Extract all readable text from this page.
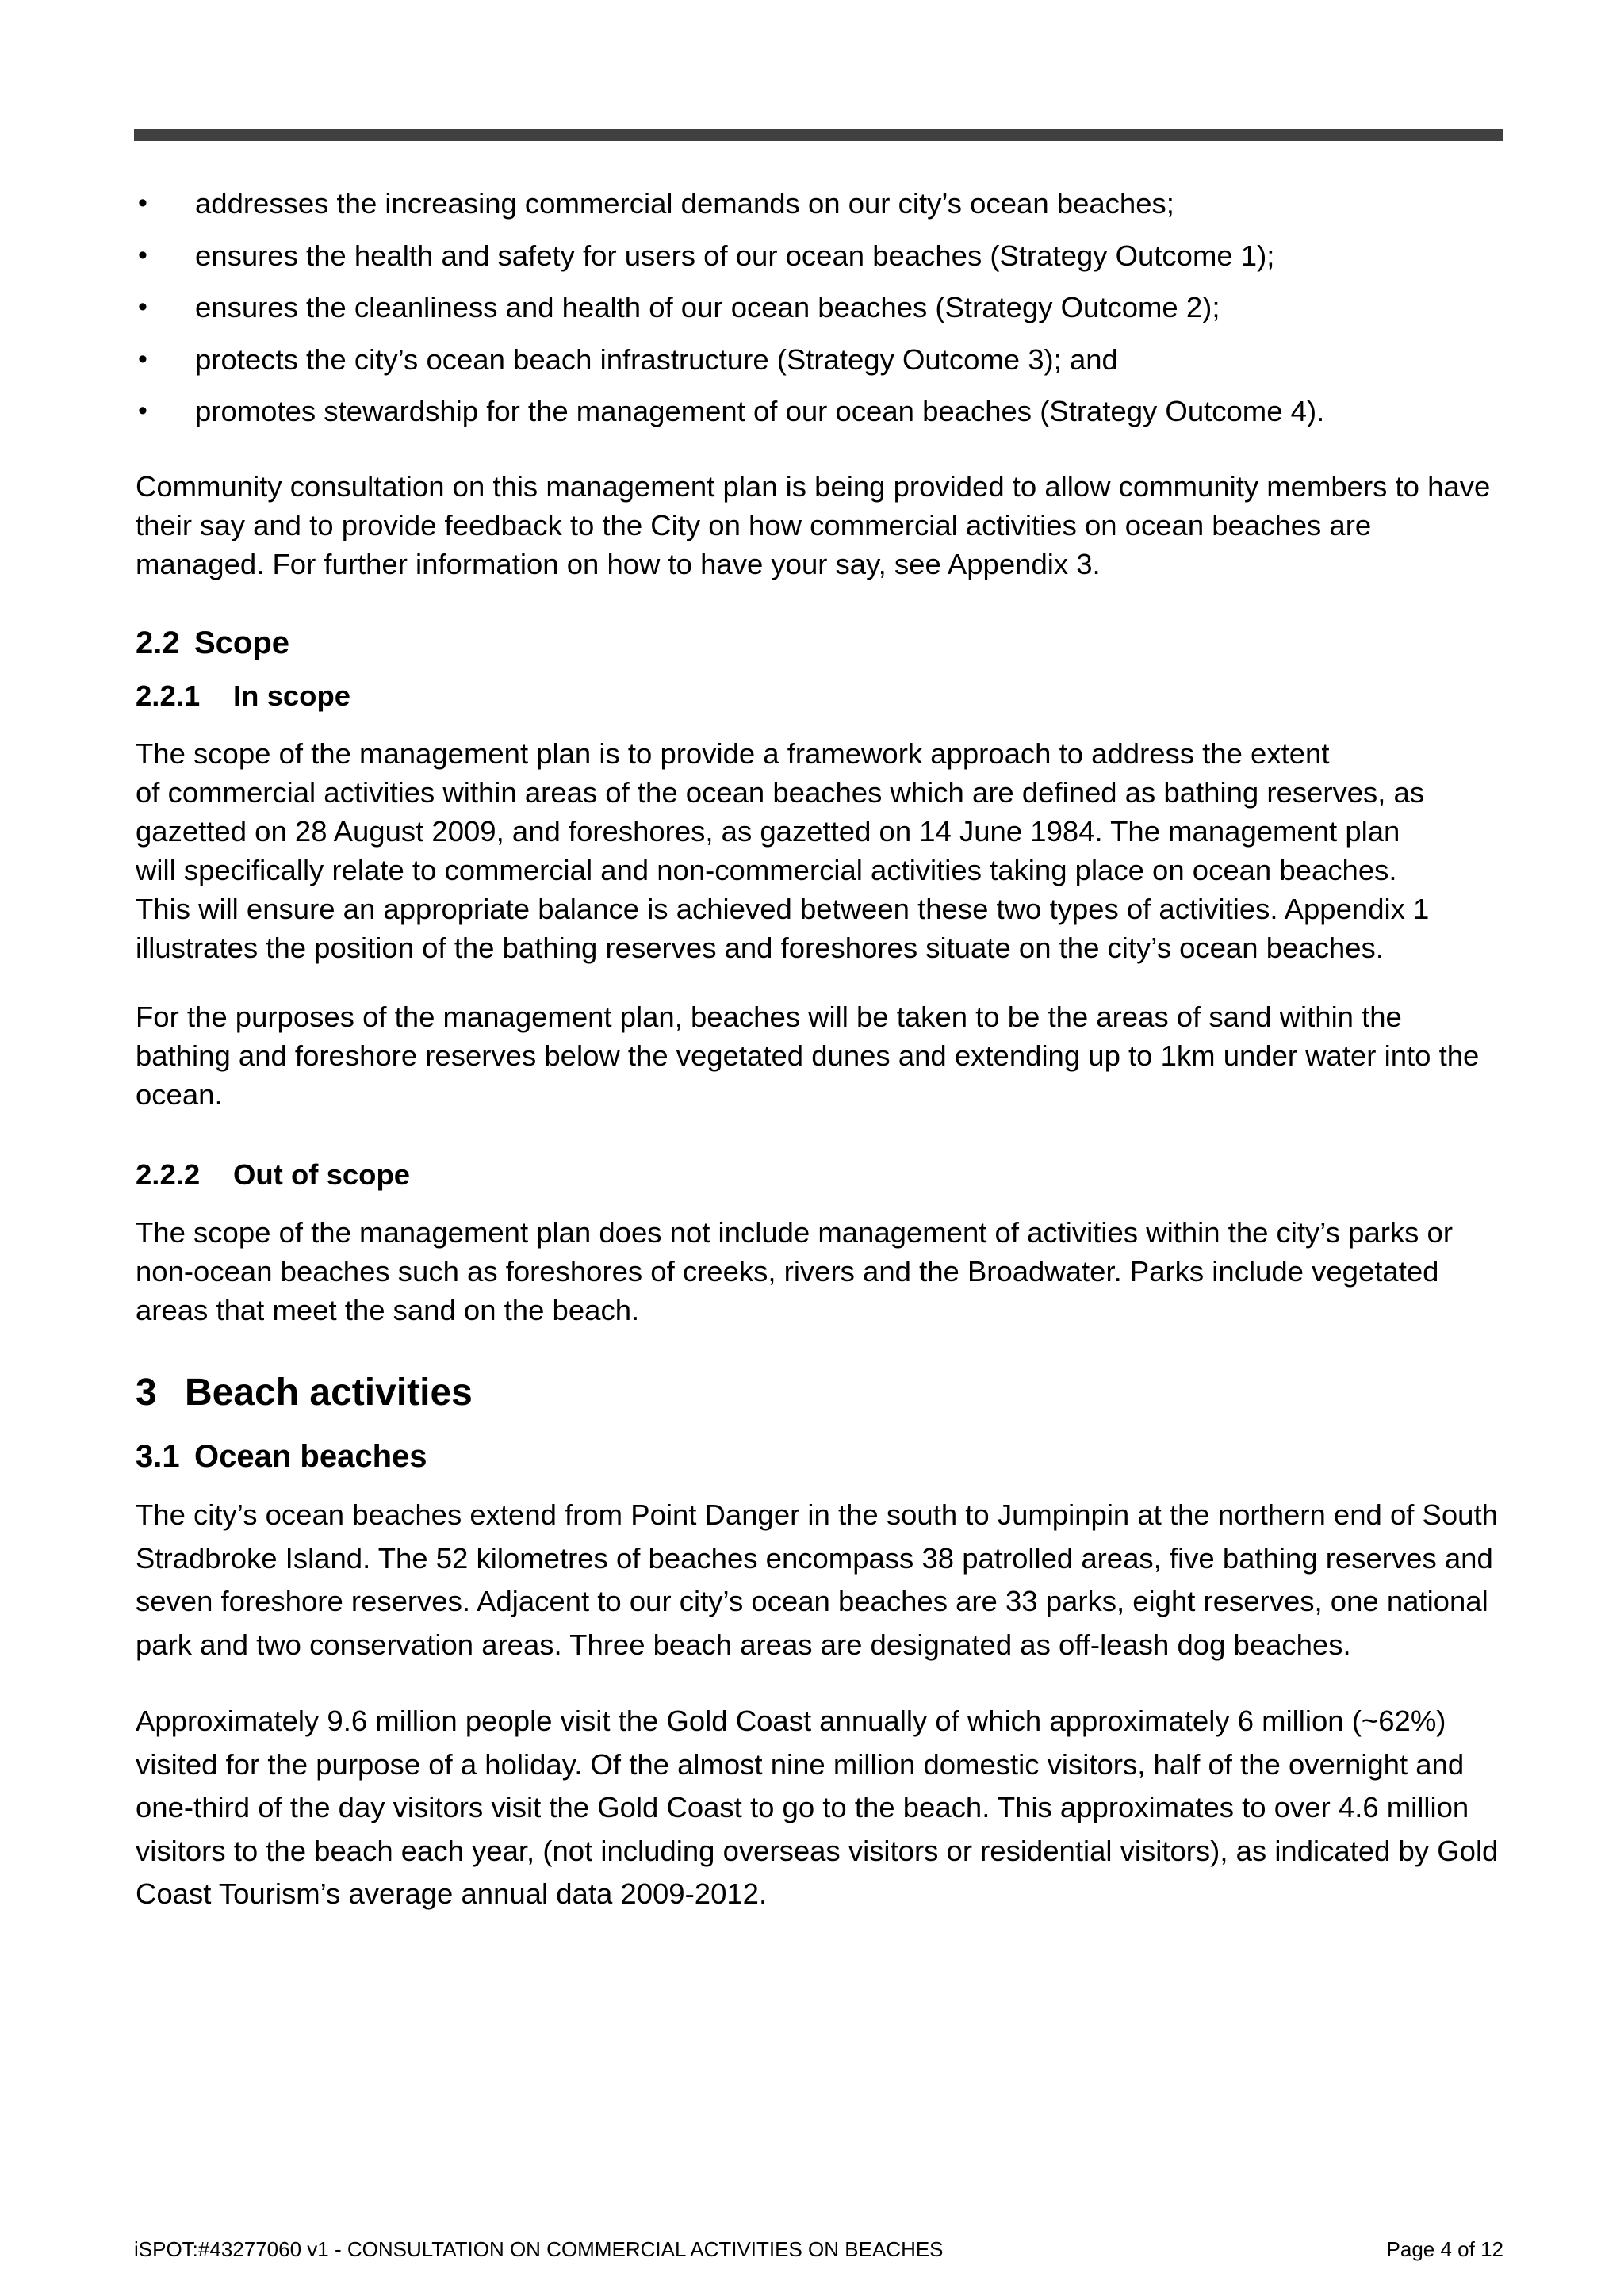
• addresses the increasing commercial demands on our city’s ocean beaches;
• ensures the health and safety for users of our ocean beaches (Strategy Outcome 1);
• ensures the cleanliness and health of our ocean beaches (Strategy Outcome 2);
• protects the city’s ocean beach infrastructure (Strategy Outcome 3); and
• promotes stewardship for the management of our ocean beaches (Strategy Outcome 4).

Community consultation on this management plan is being provided to allow community members to have their say and to provide feedback to the City on how commercial activities on ocean beaches are managed. For further information on how to have your say, see Appendix 3.

2.2 Scope
2.2.1 In scope

The scope of the management plan is to provide a framework approach to address the extent
of commercial activities within areas of the ocean beaches which are defined as bathing reserves, as
gazetted on 28 August 2009, and foreshores, as gazetted on 14 June 1984. The management plan
will specifically relate to commercial and non-commercial activities taking place on ocean beaches.
This will ensure an appropriate balance is achieved between these two types of activities. Appendix 1
illustrates the position of the bathing reserves and foreshores situate on the city’s ocean beaches.

For the purposes of the management plan, beaches will be taken to be the areas of sand within the bathing and foreshore reserves below the vegetated dunes and extending up to 1km under water into the ocean.

2.2.2 Out of scope

The scope of the management plan does not include management of activities within the city’s parks or non-ocean beaches such as foreshores of creeks, rivers and the Broadwater. Parks include vegetated areas that meet the sand on the beach.

3 Beach activities
3.1 Ocean beaches

The city’s ocean beaches extend from Point Danger in the south to Jumpinpin at the northern end of South Stradbroke Island. The 52 kilometres of beaches encompass 38 patrolled areas, five bathing reserves and seven foreshore reserves. Adjacent to our city’s ocean beaches are 33 parks, eight reserves, one national park and two conservation areas. Three beach areas are designated as off-leash dog beaches.

Approximately 9.6 million people visit the Gold Coast annually of which approximately 6 million (~62%) visited for the purpose of a holiday. Of the almost nine million domestic visitors, half of the overnight and one-third of the day visitors visit the Gold Coast to go to the beach. This approximates to over 4.6 million visitors to the beach each year, (not including overseas visitors or residential visitors), as indicated by Gold Coast Tourism’s average annual data 2009-2012.

iSPOT:#43277060 v1 - CONSULTATION ON COMMERCIAL ACTIVITIES ON BEACHES	Page 4 of 12
